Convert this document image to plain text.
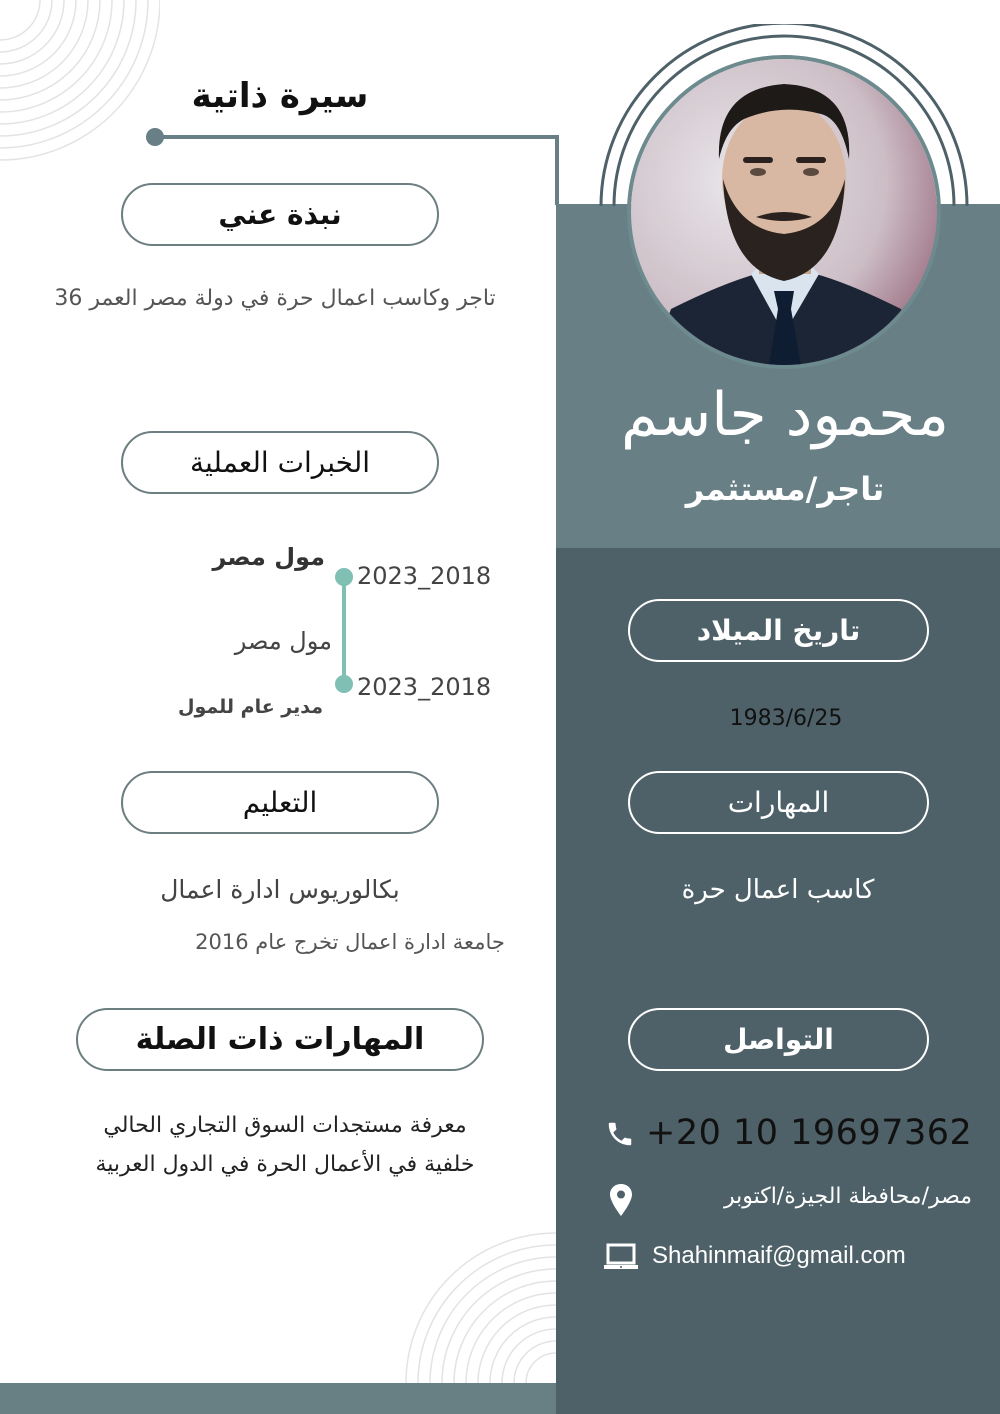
سيرة ذاتية
محمود جاسم
تاجر/مستثمر
نبذة عني
تاجر وكاسب اعمال حرة في دولة مصر العمر 36
الخبرات العملية
مول مصر
2023_2018
مول مصر
2023_2018
مدير عام للمول
التعليم
بكالوريوس ادارة اعمال
جامعة ادارة اعمال تخرج عام 2016
المهارات ذات الصلة
معرفة مستجدات السوق التجاري الحالي
خلفية في الأعمال الحرة في الدول العربية
تاريخ الميلاد
1983/6/25
المهارات
كاسب اعمال حرة
التواصل
+20 10 19697362
مصر/محافظة الجيزة/اكتوبر
Shahinmaif@gmail.com
